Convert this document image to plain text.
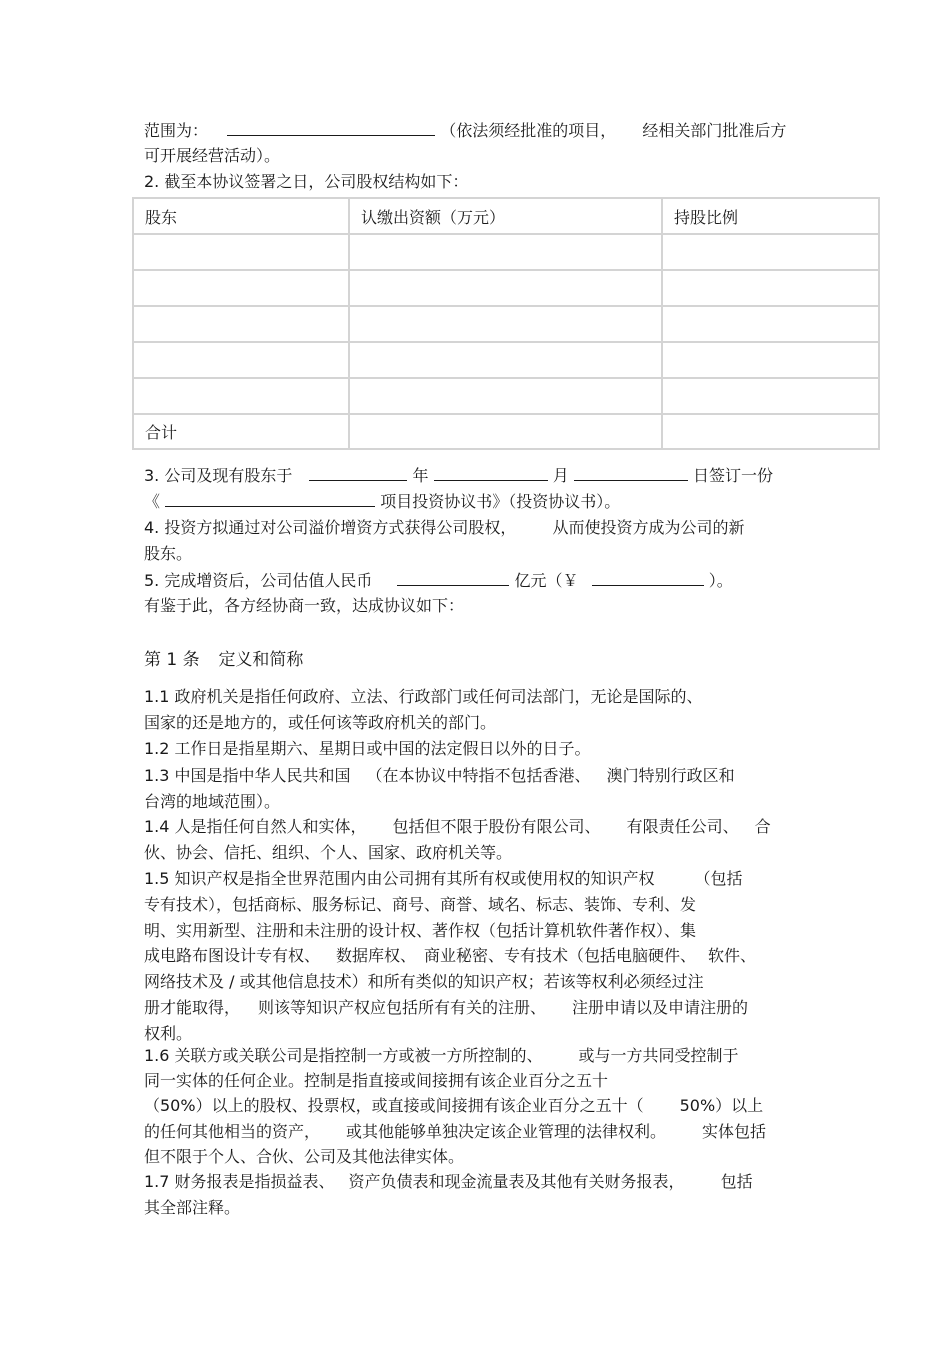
范围为：	（依法须经批准的项目， 经相关部门批准后方
可开展经营活动）。
2. 截至本协议签署之日，公司股权结构如下：
股东	认缴出资额（万元）	持股比例

合计		
3. 公司及现有股东于	年	月	日签订一份
《	项目投资协议书》（投资协议书）。
4. 投资方拟通过对公司溢价增资方式获得公司股权， 从而使投资方成为公司的新
股东。
5. 完成增资后，公司估值人民币	亿元（￥	）。
有鉴于此，各方经协商一致，达成协议如下：
第 1 条 定义和简称
1.1 政府机关是指任何政府、立法、行政部门或任何司法部门，无论是国际的、
国家的还是地方的，或任何该等政府机关的部门。
1.2 工作日是指星期六、星期日或中国的法定假日以外的日子。
1.3 中国是指中华人民共和国 （在本协议中特指不包括香港、 澳门特别行政区和
台湾的地域范围）。
1.4 人是指任何自然人和实体， 包括但不限于股份有限公司、 有限责任公司、 合
伙、协会、信托、组织、个人、国家、政府机关等。
1.5 知识产权是指全世界范围内由公司拥有其所有权或使用权的知识产权	（包括
专有技术），包括商标、服务标记、商号、商誉、域名、标志、装饰、专利、发
明、实用新型、注册和未注册的设计权、著作权（包括计算机软件著作权）、集
成电路布图设计专有权、 数据库权、 商业秘密、专有技术（包括电脑硬件、 软件、
网络技术及 / 或其他信息技术）和所有类似的知识产权；若该等权利必须经过注
册才能取得， 则该等知识产权应包括所有有关的注册、 注册申请以及申请注册的
权利。
1.6 关联方或关联公司是指控制一方或被一方所控制的、 或与一方共同受控制于
同一实体的任何企业。控制是指直接或间接拥有该企业百分之五十
（50%）以上的股权、投票权，或直接或间接拥有该企业百分之五十（ 50%）以上
的任何其他相当的资产， 或其他能够单独决定该企业管理的法律权利。 实体包括
但不限于个人、合伙、公司及其他法律实体。
1.7 财务报表是指损益表、 资产负债表和现金流量表及其他有关财务报表， 包括
其全部注释。
